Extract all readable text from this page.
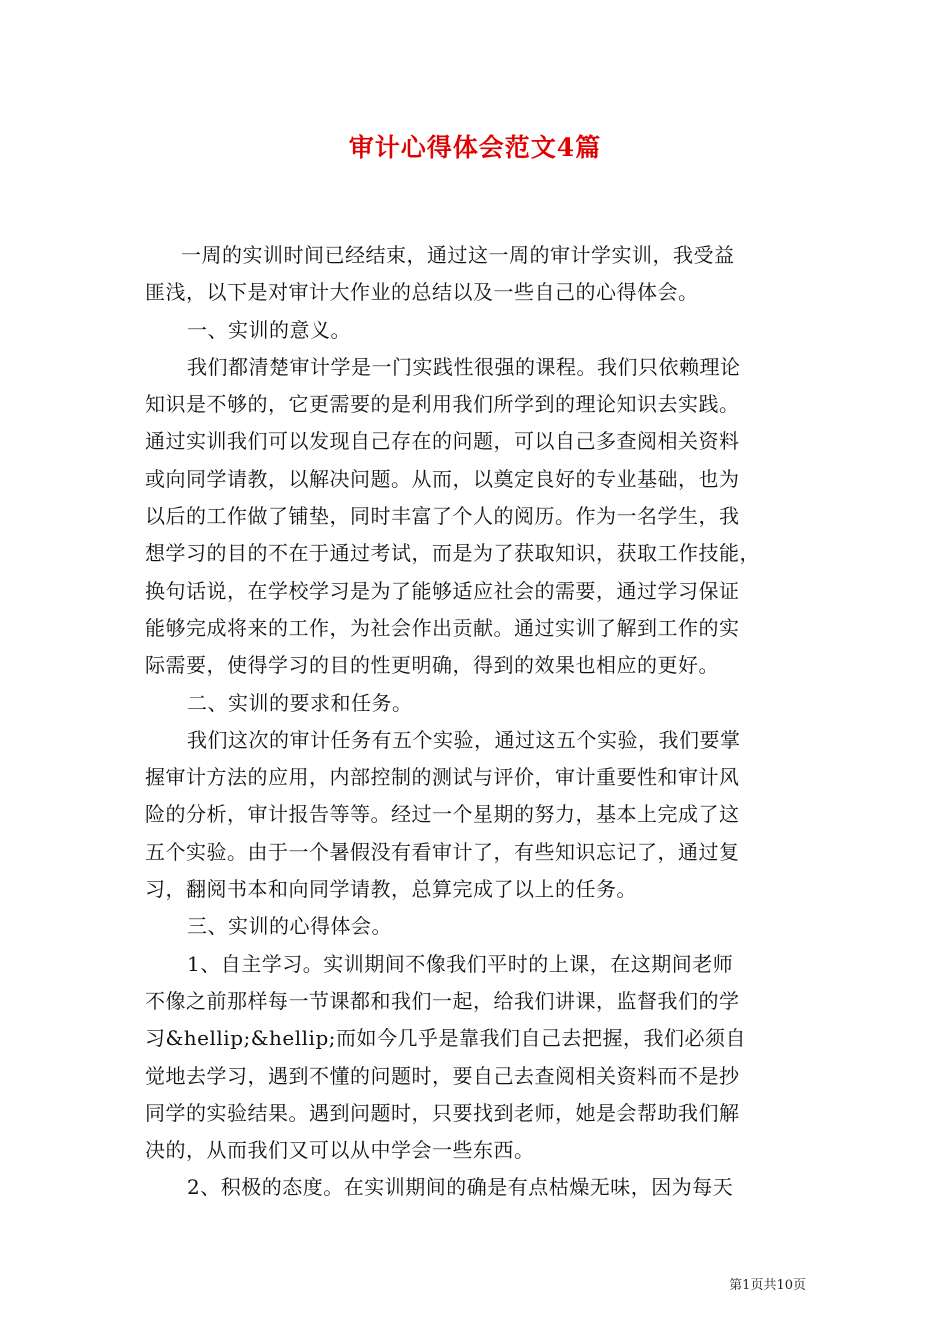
审计心得体会范文4篇
一周的实训时间已经结束，通过这一周的审计学实训，我受益
匪浅，以下是对审计大作业的总结以及一些自己的心得体会。
一、实训的意义。
我们都清楚审计学是一门实践性很强的课程。我们只依赖理论
知识是不够的，它更需要的是利用我们所学到的理论知识去实践。
通过实训我们可以发现自己存在的问题，可以自己多查阅相关资料
或向同学请教，以解决问题。从而，以奠定良好的专业基础，也为
以后的工作做了铺垫，同时丰富了个人的阅历。作为一名学生，我
想学习的目的不在于通过考试，而是为了获取知识，获取工作技能，
换句话说，在学校学习是为了能够适应社会的需要，通过学习保证
能够完成将来的工作，为社会作出贡献。通过实训了解到工作的实
际需要，使得学习的目的性更明确，得到的效果也相应的更好。
二、实训的要求和任务。
我们这次的审计任务有五个实验，通过这五个实验，我们要掌
握审计方法的应用，内部控制的测试与评价，审计重要性和审计风
险的分析，审计报告等等。经过一个星期的努力，基本上完成了这
五个实验。由于一个暑假没有看审计了，有些知识忘记了，通过复
习，翻阅书本和向同学请教，总算完成了以上的任务。
三、实训的心得体会。
1、自主学习。实训期间不像我们平时的上课，在这期间老师
不像之前那样每一节课都和我们一起，给我们讲课，监督我们的学
习&hellip;&hellip;而如今几乎是靠我们自己去把握，我们必须自
觉地去学习，遇到不懂的问题时，要自己去查阅相关资料而不是抄
同学的实验结果。遇到问题时，只要找到老师，她是会帮助我们解
决的，从而我们又可以从中学会一些东西。
2、积极的态度。在实训期间的确是有点枯燥无味，因为每天
第1页共10页
